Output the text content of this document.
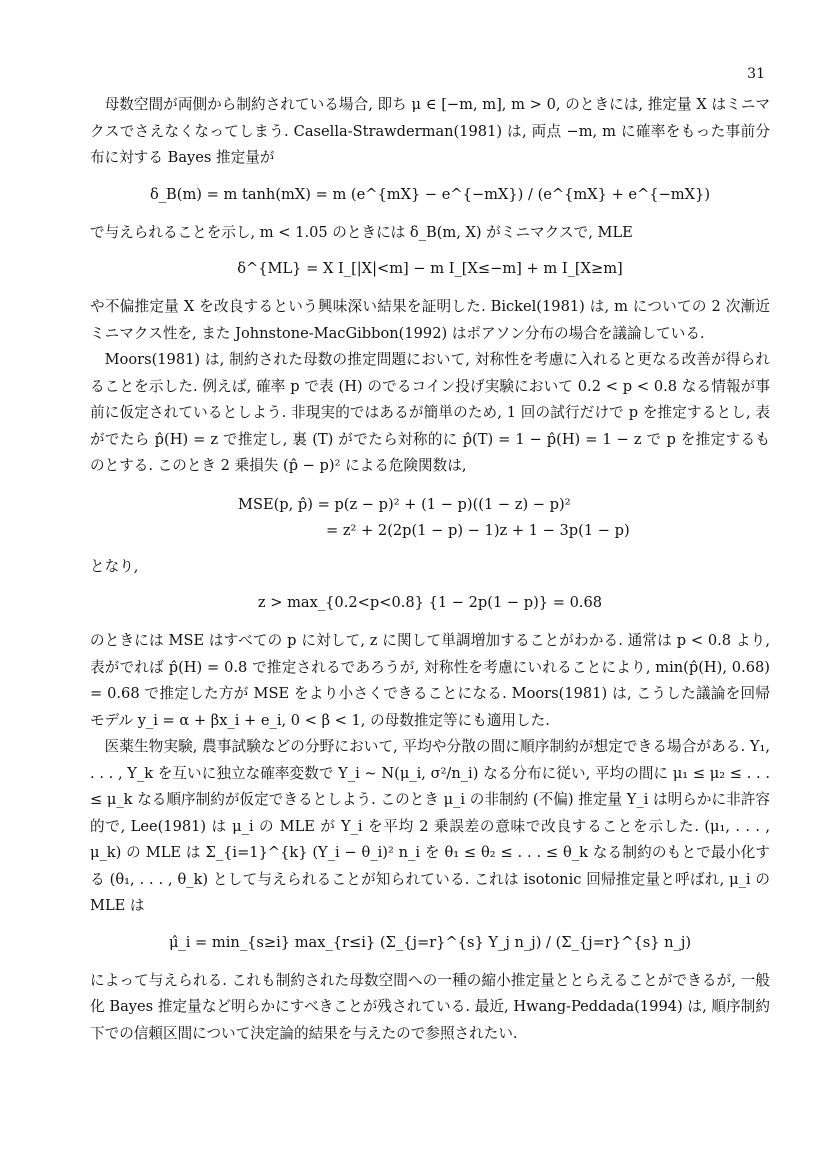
31

母数空間が両側から制約されている場合, 即ち μ ∈ [−m, m], m > 0, のときには, 推定量 X はミニマクスでさえなくなってしまう. Casella-Strawderman(1981) は, 両点 −m, m に確率をもった事前分布に対する Bayes 推定量が

δ_B(m) = m tanh(mX) = m (e^{mX} − e^{−mX}) / (e^{mX} + e^{−mX})

で与えられることを示し, m < 1.05 のときには δ_B(m, X) がミニマクスで, MLE

δ^{ML} = X I_[|X|<m] − m I_[X≤−m] + m I_[X≥m]

や不偏推定量 X を改良するという興味深い結果を証明した. Bickel(1981) は, m についての 2 次漸近ミニマクス性を, また Johnstone-MacGibbon(1992) はポアソン分布の場合を議論している.

Moors(1981) は, 制約された母数の推定問題において, 対称性を考慮に入れると更なる改善が得られることを示した. 例えば, 確率 p で表 (H) のでるコイン投げ実験において 0.2 < p < 0.8 なる情報が事前に仮定されているとしよう. 非現実的ではあるが簡単のため, 1 回の試行だけで p を推定するとし, 表がでたら p̂(H) = z で推定し, 裏 (T) がでたら対称的に p̂(T) = 1 − p̂(H) = 1 − z で p を推定するものとする. このとき 2 乗損失 (p̂ − p)² による危険関数は,

MSE(p, p̂) = p(z − p)² + (1 − p)((1 − z) − p)²
= z² + 2(2p(1 − p) − 1)z + 1 − 3p(1 − p)

となり,

z > max_{0.2<p<0.8} {1 − 2p(1 − p)} = 0.68

のときには MSE はすべての p に対して, z に関して単調増加することがわかる. 通常は p < 0.8 より, 表がでれば p̂(H) = 0.8 で推定されるであろうが, 対称性を考慮にいれることにより, min(p̂(H), 0.68) = 0.68 で推定した方が MSE をより小さくできることになる. Moors(1981) は, こうした議論を回帰モデル y_i = α + βx_i + e_i, 0 < β < 1, の母数推定等にも適用した.

医薬生物実験, 農事試験などの分野において, 平均や分散の間に順序制約が想定できる場合がある. Y₁, . . . , Y_k を互いに独立な確率変数で Y_i ∼ N(μ_i, σ²/n_i) なる分布に従い, 平均の間に μ₁ ≤ μ₂ ≤ . . . ≤ μ_k なる順序制約が仮定できるとしよう. このとき μ_i の非制約 (不偏) 推定量 Y_i は明らかに非許容的で, Lee(1981) は μ_i の MLE が Y_i を平均 2 乗誤差の意味で改良することを示した. (μ₁, . . . , μ_k) の MLE は Σ_{i=1}^{k} (Y_i − θ_i)² n_i を θ₁ ≤ θ₂ ≤ . . . ≤ θ_k なる制約のもとで最小化する (θ₁, . . . , θ_k) として与えられることが知られている. これは isotonic 回帰推定量と呼ばれ, μ_i の MLE は

μ̂_i = min_{s≥i} max_{r≤i} (Σ_{j=r}^{s} Y_j n_j) / (Σ_{j=r}^{s} n_j)

によって与えられる. これも制約された母数空間への一種の縮小推定量ととらえることができるが, 一般化 Bayes 推定量など明らかにすべきことが残されている. 最近, Hwang-Peddada(1994) は, 順序制約下での信頼区間について決定論的結果を与えたので参照されたい.
